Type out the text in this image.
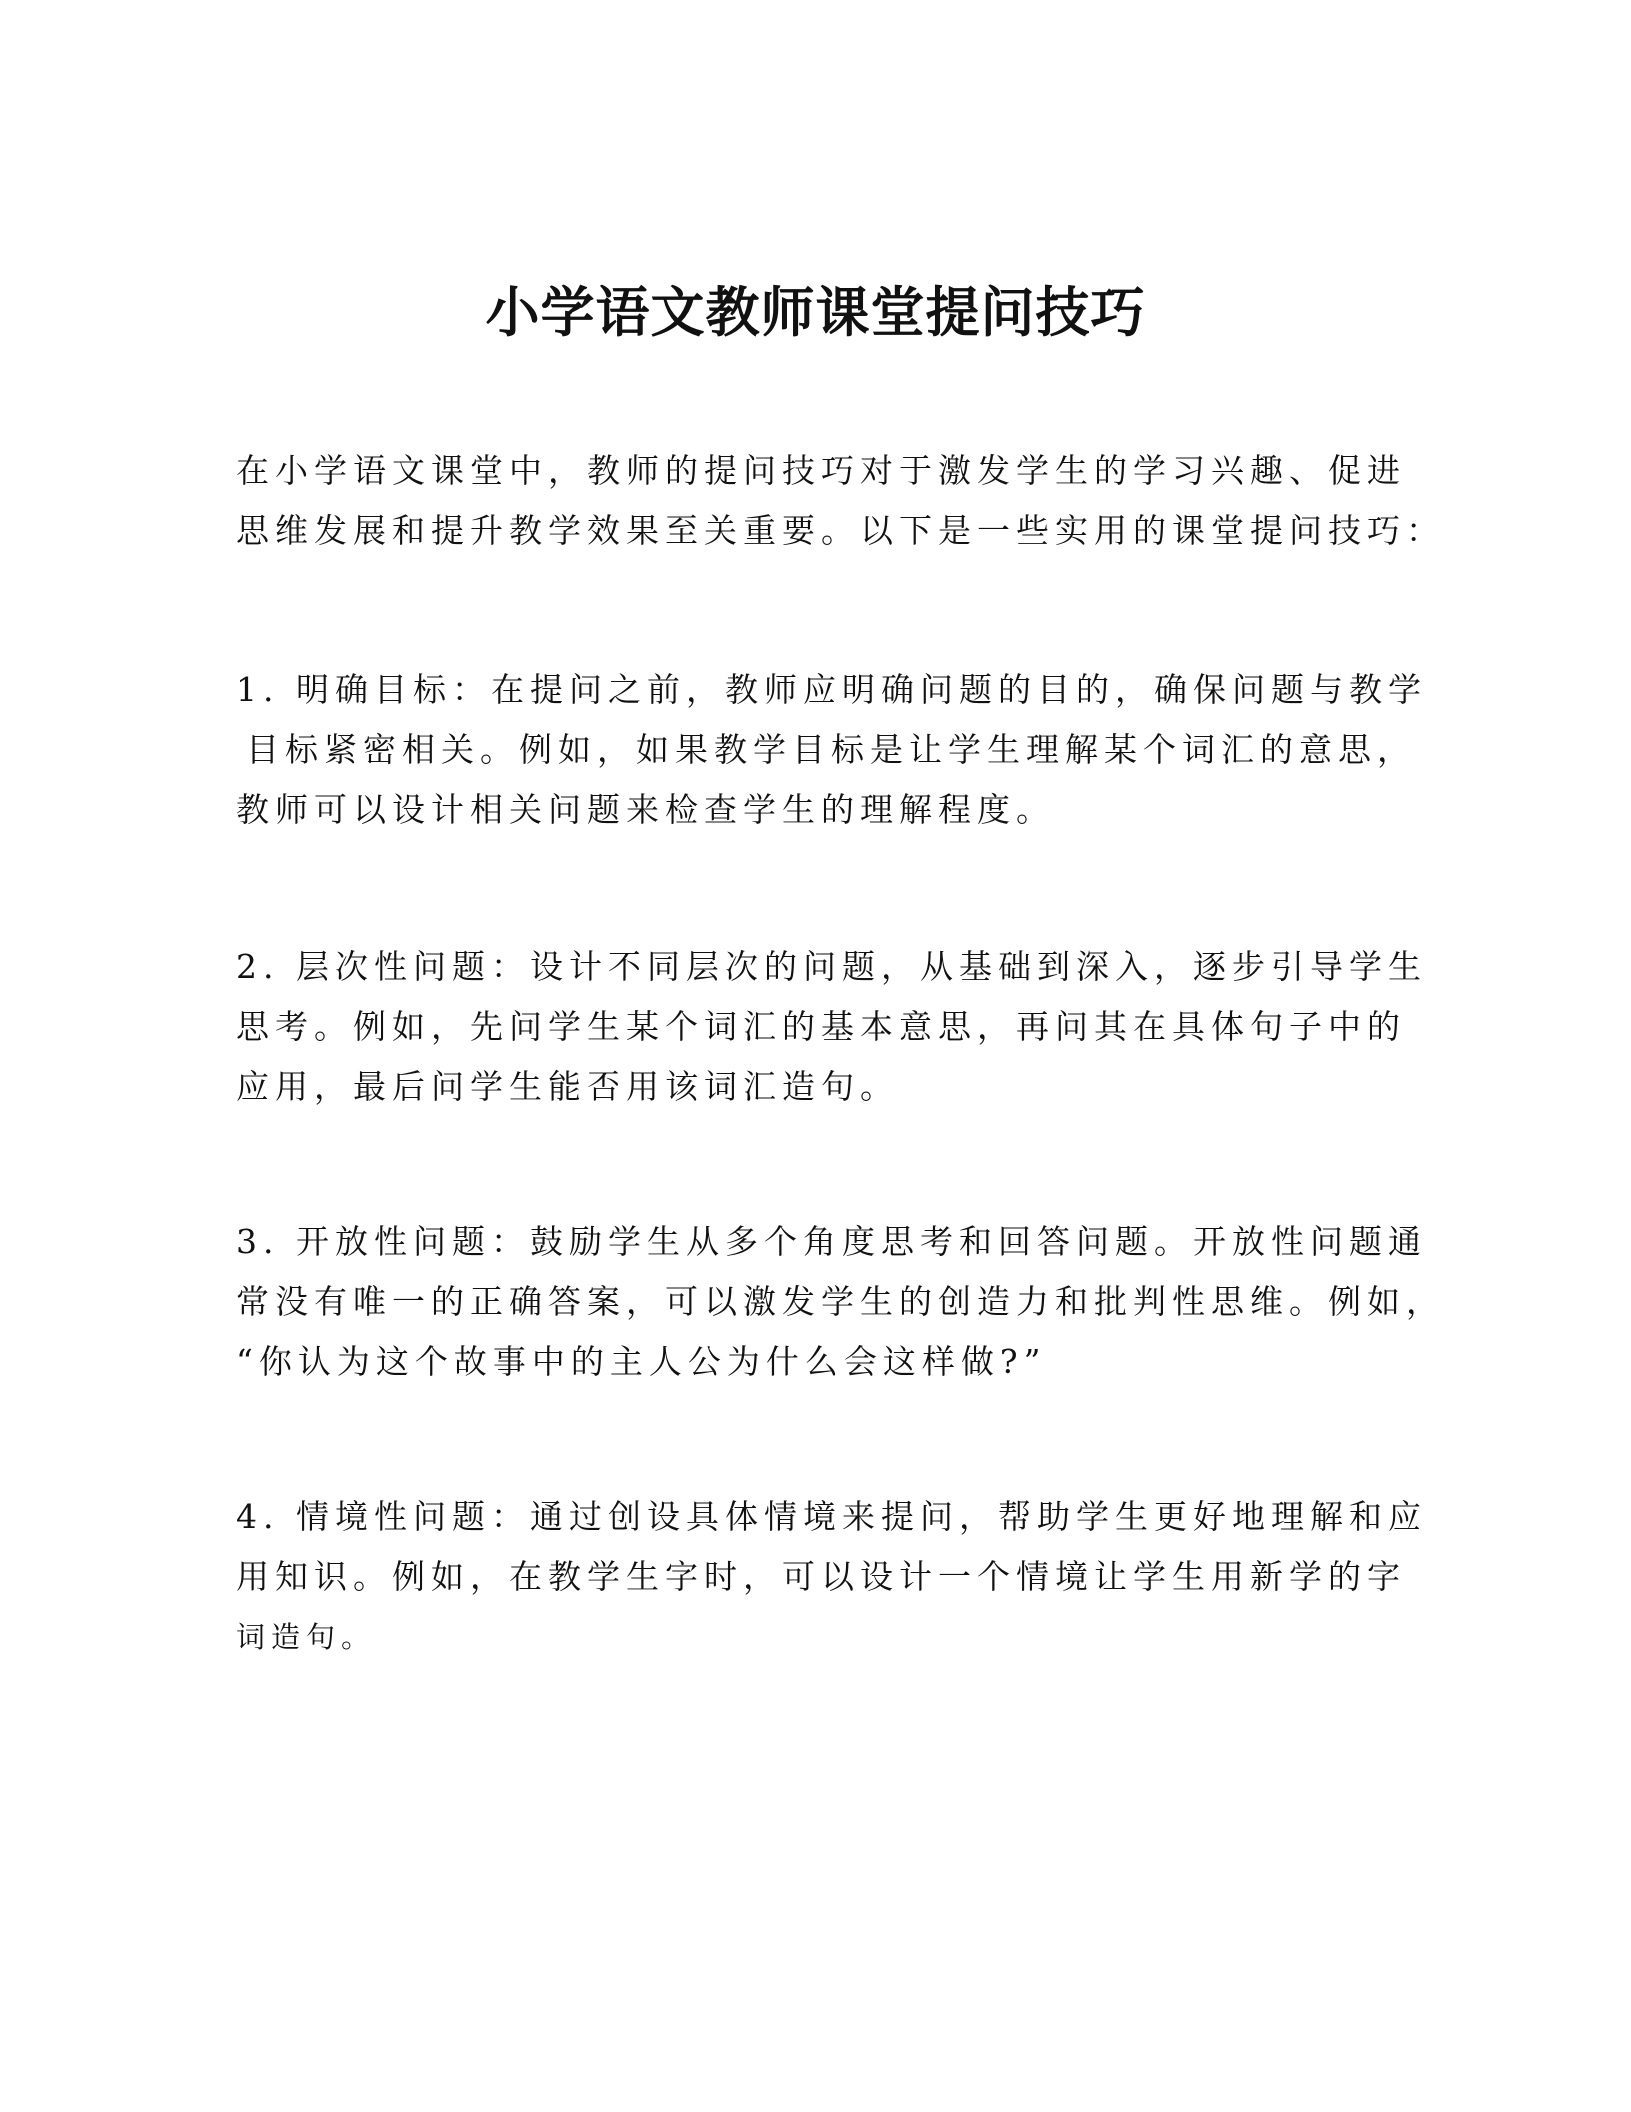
小学语文教师课堂提问技巧

在小学语文课堂中，教师的提问技巧对于激发学生的学习兴趣、促进
思维发展和提升教学效果至关重要。以下是一些实用的课堂提问技巧：

1. 明确目标：在提问之前，教师应明确问题的目的，确保问题与教学
目标紧密相关。例如，如果教学目标是让学生理解某个词汇的意思，
教师可以设计相关问题来检查学生的理解程度。

2. 层次性问题：设计不同层次的问题，从基础到深入，逐步引导学生
思考。例如，先问学生某个词汇的基本意思，再问其在具体句子中的
应用，最后问学生能否用该词汇造句。

3. 开放性问题：鼓励学生从多个角度思考和回答问题。开放性问题通
常没有唯一的正确答案，可以激发学生的创造力和批判性思维。例如，
“你认为这个故事中的主人公为什么会这样做?”

4. 情境性问题：通过创设具体情境来提问，帮助学生更好地理解和应
用知识。例如，在教学生字时，可以设计一个情境让学生用新学的字
词造句。
